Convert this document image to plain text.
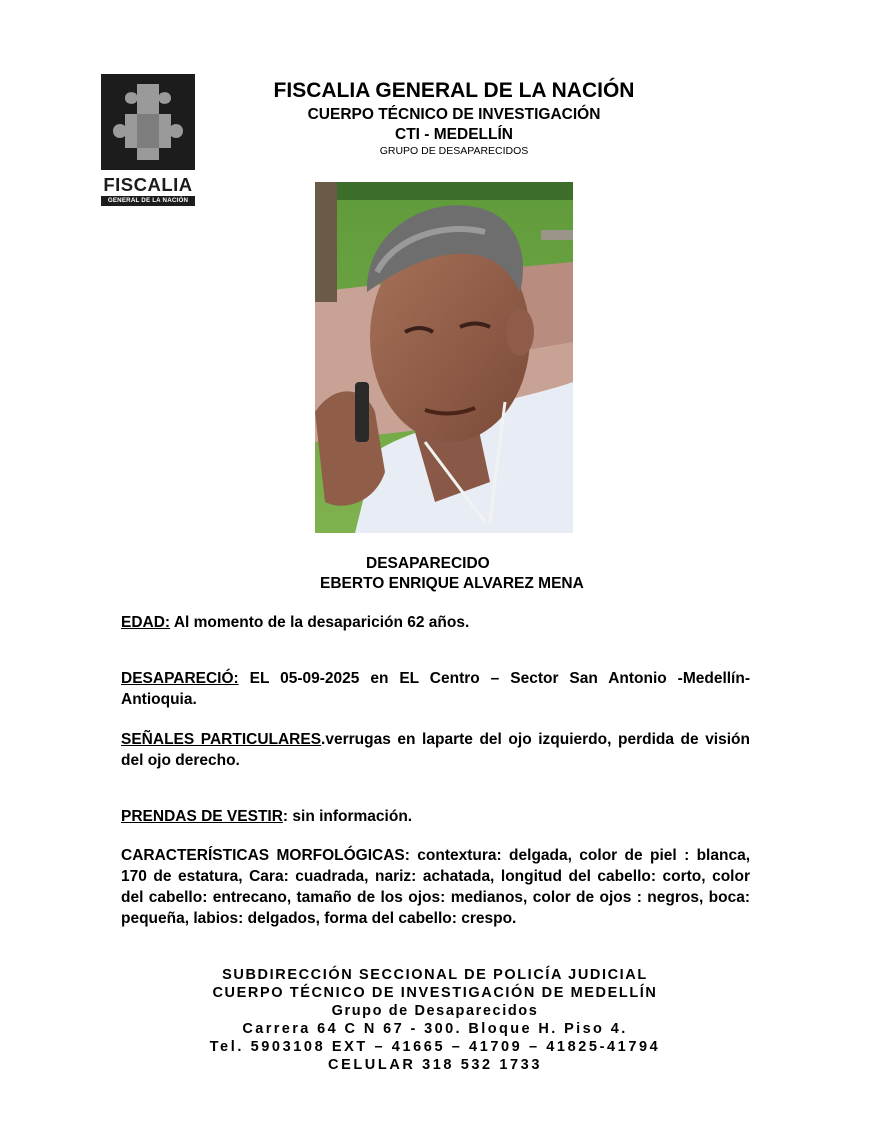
FISCALIA
GENERAL DE LA NACIÓN
FISCALIA GENERAL DE LA NACIÓN
CUERPO TÉCNICO DE INVESTIGACIÓN
CTI - MEDELLÍN
GRUPO DE DESAPARECIDOS
DESAPARECIDO
EBERTO ENRIQUE ALVAREZ MENA
EDAD: Al momento de la desaparición 62 años.
DESAPARECIÓ: EL 05-09-2025 en EL Centro – Sector San Antonio -Medellín-Antioquia.
SEÑALES PARTICULARES.verrugas en laparte del ojo izquierdo, perdida de visión del ojo derecho.
PRENDAS DE VESTIR: sin información.
CARACTERÍSTICAS MORFOLÓGICAS: contextura: delgada, color de piel : blanca, 170 de estatura, Cara: cuadrada, nariz: achatada, longitud del cabello: corto, color del cabello: entrecano, tamaño de los ojos: medianos, color de ojos : negros, boca: pequeña, labios: delgados, forma del cabello: crespo.
SUBDIRECCIÓN SECCIONAL DE POLICÍA JUDICIAL
CUERPO TÉCNICO DE INVESTIGACIÓN DE MEDELLÍN
Grupo de Desaparecidos
Carrera 64 C N 67 - 300. Bloque H. Piso 4.
Tel. 5903108 EXT – 41665 – 41709 – 41825-41794
CELULAR 318 532 1733
